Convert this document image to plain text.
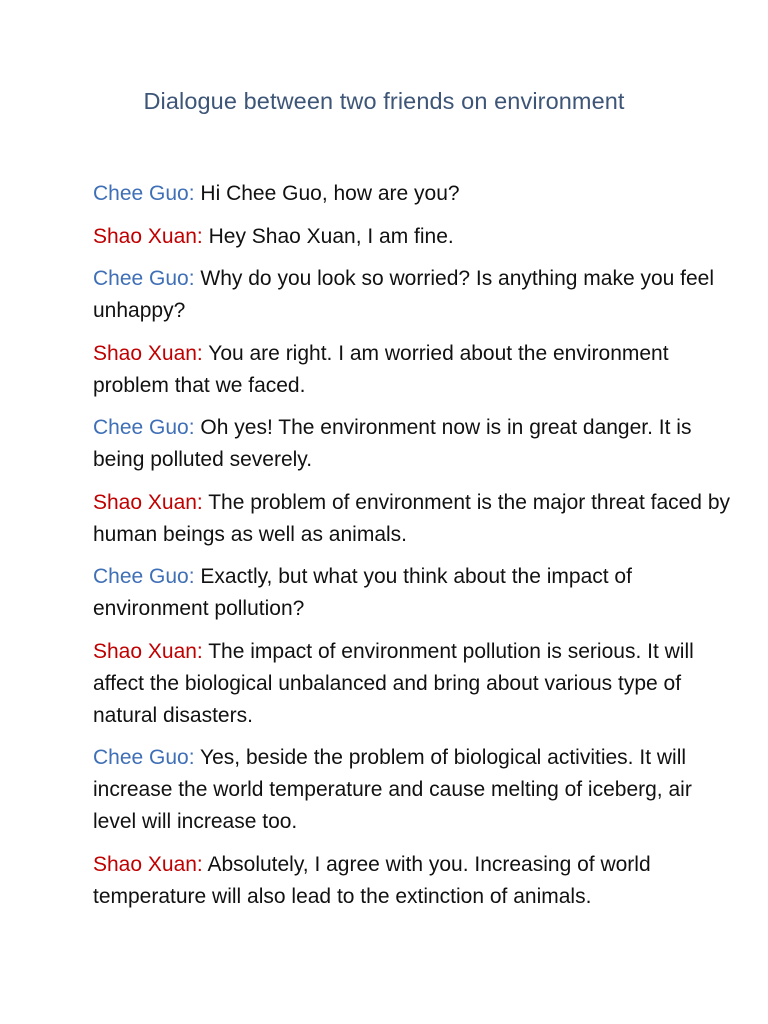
Dialogue between two friends on environment

Chee Guo: Hi Chee Guo, how are you?

Shao Xuan: Hey Shao Xuan, I am fine.

Chee Guo: Why do you look so worried? Is anything make you feel unhappy?

Shao Xuan: You are right. I am worried about the environment problem that we faced.

Chee Guo: Oh yes! The environment now is in great danger. It is being polluted severely.

Shao Xuan: The problem of environment is the major threat faced by human beings as well as animals.

Chee Guo: Exactly, but what you think about the impact of environment pollution?

Shao Xuan: The impact of environment pollution is serious. It will affect the biological unbalanced and bring about various type of natural disasters.

Chee Guo: Yes, beside the problem of biological activities. It will increase the world temperature and cause melting of iceberg, air level will increase too.

Shao Xuan: Absolutely, I agree with you. Increasing of world temperature will also lead to the extinction of animals.
